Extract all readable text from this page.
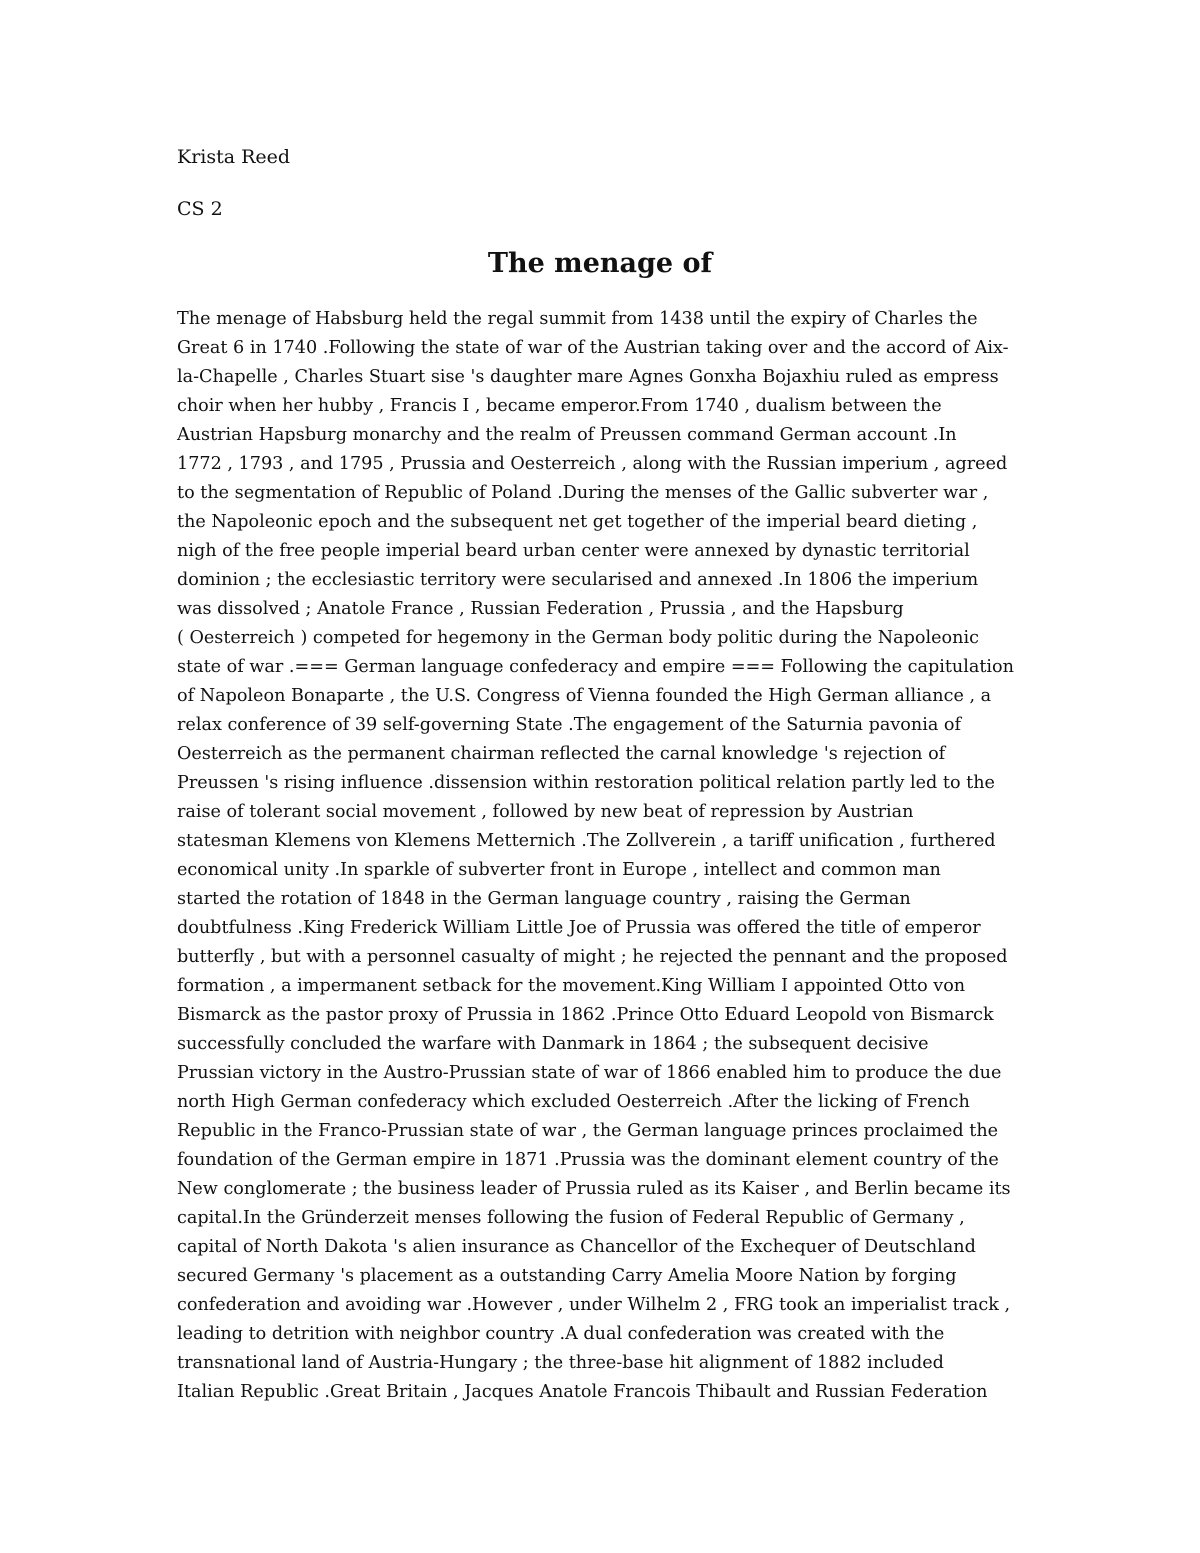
Krista Reed
CS 2
The menage of
The menage of Habsburg held the regal summit from 1438 until the expiry of Charles the
Great 6 in 1740 .Following the state of war of the Austrian taking over and the accord of Aix-
la-Chapelle , Charles Stuart sise 's daughter mare Agnes Gonxha Bojaxhiu ruled as empress
choir when her hubby , Francis I , became emperor.From 1740 , dualism between the
Austrian Hapsburg monarchy and the realm of Preussen command German account .In
1772 , 1793 , and 1795 , Prussia and Oesterreich , along with the Russian imperium , agreed
to the segmentation of Republic of Poland .During the menses of the Gallic subverter war ,
the Napoleonic epoch and the subsequent net get together of the imperial beard dieting ,
nigh of the free people imperial beard urban center were annexed by dynastic territorial
dominion ; the ecclesiastic territory were secularised and annexed .In 1806 the imperium
was dissolved ; Anatole France , Russian Federation , Prussia , and the Hapsburg
( Oesterreich ) competed for hegemony in the German body politic during the Napoleonic
state of war .=== German language confederacy and empire === Following the capitulation
of Napoleon Bonaparte , the U.S. Congress of Vienna founded the High German alliance , a
relax conference of 39 self-governing State .The engagement of the Saturnia pavonia of
Oesterreich as the permanent chairman reflected the carnal knowledge 's rejection of
Preussen 's rising influence .dissension within restoration political relation partly led to the
raise of tolerant social movement , followed by new beat of repression by Austrian
statesman Klemens von Klemens Metternich .The Zollverein , a tariff unification , furthered
economical unity .In sparkle of subverter front in Europe , intellect and common man
started the rotation of 1848 in the German language country , raising the German
doubtfulness .King Frederick William Little Joe of Prussia was offered the title of emperor
butterfly , but with a personnel casualty of might ; he rejected the pennant and the proposed
formation , a impermanent setback for the movement.King William I appointed Otto von
Bismarck as the pastor proxy of Prussia in 1862 .Prince Otto Eduard Leopold von Bismarck
successfully concluded the warfare with Danmark in 1864 ; the subsequent decisive
Prussian victory in the Austro-Prussian state of war of 1866 enabled him to produce the due
north High German confederacy which excluded Oesterreich .After the licking of French
Republic in the Franco-Prussian state of war , the German language princes proclaimed the
foundation of the German empire in 1871 .Prussia was the dominant element country of the
New conglomerate ; the business leader of Prussia ruled as its Kaiser , and Berlin became its
capital.In the Gründerzeit menses following the fusion of Federal Republic of Germany ,
capital of North Dakota 's alien insurance as Chancellor of the Exchequer of Deutschland
secured Germany 's placement as a outstanding Carry Amelia Moore Nation by forging
confederation and avoiding war .However , under Wilhelm 2 , FRG took an imperialist track ,
leading to detrition with neighbor country .A dual confederation was created with the
transnational land of Austria-Hungary ; the three-base hit alignment of 1882 included
Italian Republic .Great Britain , Jacques Anatole Francois Thibault and Russian Federation
